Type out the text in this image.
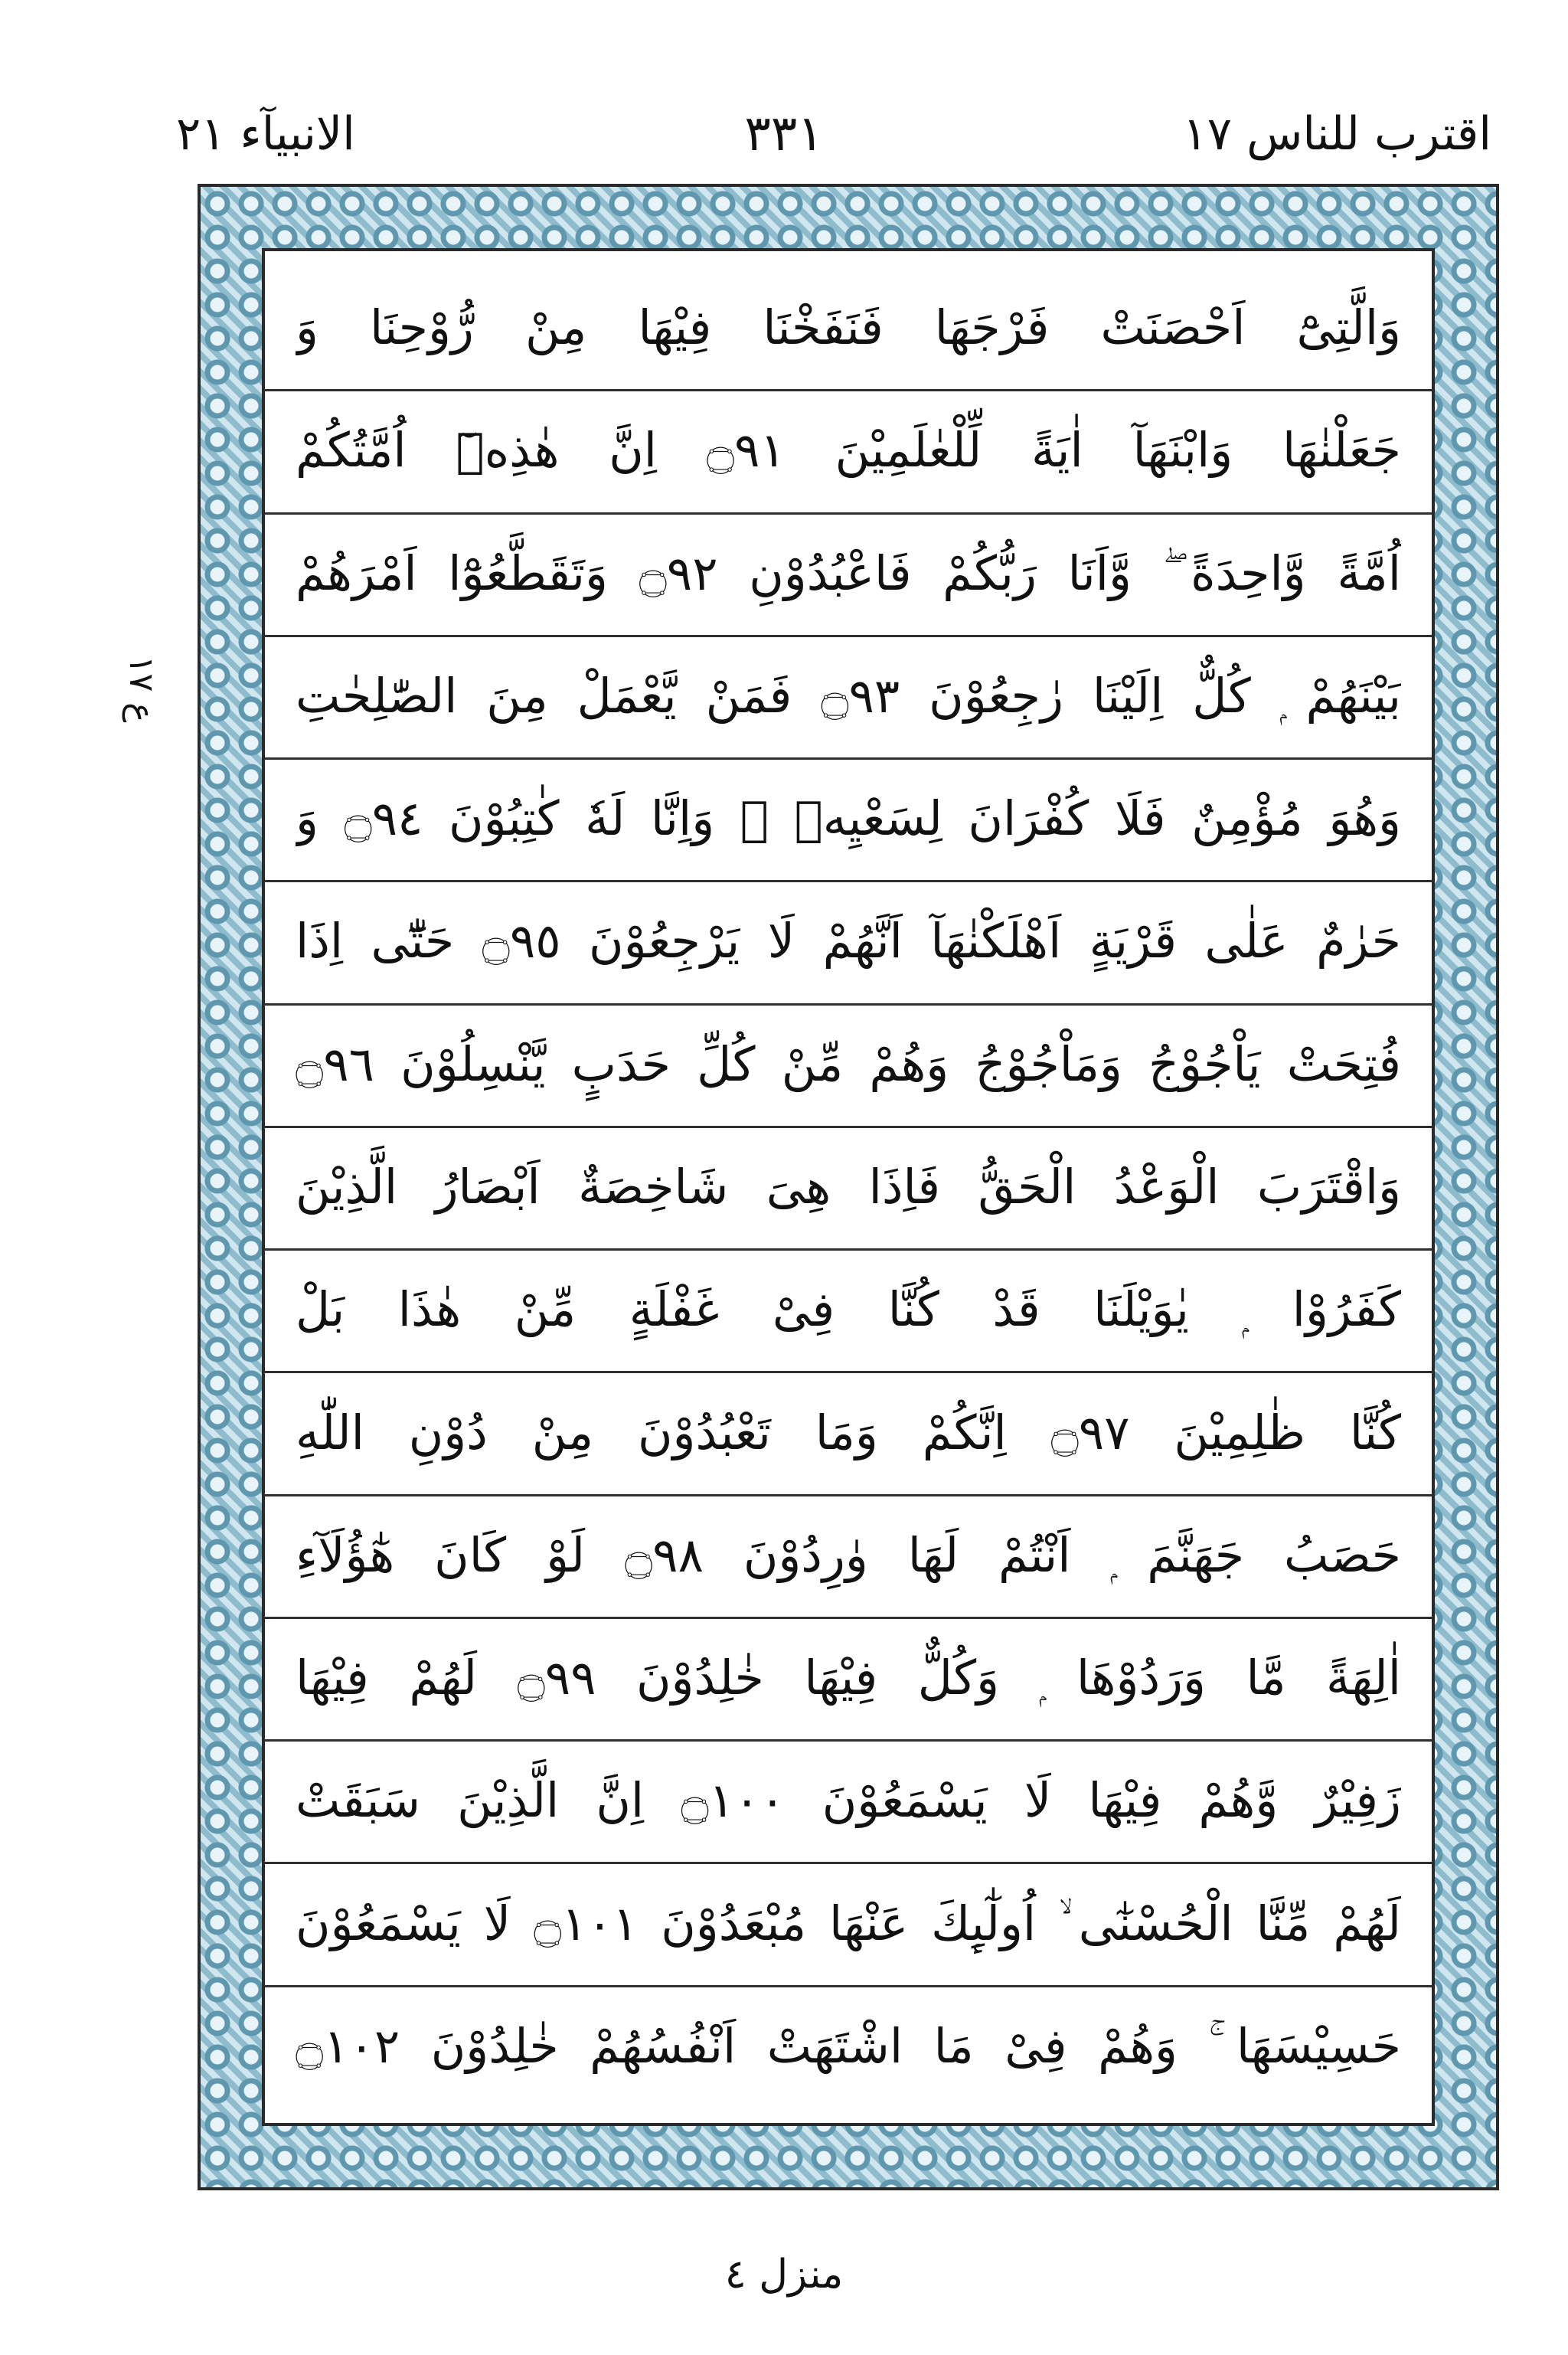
اقترب للناس ١٧
٣٣١
الانبیآء ٢١
ع ١٧
وَالَّتِیْٓ اَحْصَنَتْ فَرْجَهَا فَنَفَخْنَا فِیْهَا مِنْ رُّوْحِنَا وَ
جَعَلْنٰهَا وَابْنَهَآ اٰیَةً لِّلْعٰلَمِیْنَ ۝٩١ اِنَّ هٰذِهٖٓ اُمَّتُكُمْ
اُمَّةً وَّاحِدَةً ۖ وَّاَنَا رَبُّكُمْ فَاعْبُدُوْنِ ۝٩٢ وَتَقَطَّعُوْٓا اَمْرَهُمْ
بَیْنَهُمْ ۭ كُلٌّ اِلَیْنَا رٰجِعُوْنَ ۝٩٣ فَمَنْ یَّعْمَلْ مِنَ الصّٰلِحٰتِ
وَهُوَ مُؤْمِنٌ فَلَا كُفْرَانَ لِسَعْیِهٖ ۚ وَاِنَّا لَهٗ كٰتِبُوْنَ ۝٩٤ وَ
حَرٰمٌ عَلٰى قَرْیَةٍ اَهْلَكْنٰهَآ اَنَّهُمْ لَا یَرْجِعُوْنَ ۝٩٥ حَتّٰٓى اِذَا
فُتِحَتْ یَاْجُوْجُ وَمَاْجُوْجُ وَهُمْ مِّنْ كُلِّ حَدَبٍ یَّنْسِلُوْنَ ۝٩٦
وَاقْتَرَبَ الْوَعْدُ الْحَقُّ فَاِذَا هِیَ شَاخِصَةٌ اَبْصَارُ الَّذِیْنَ
كَفَرُوْا ۭ یٰوَیْلَنَا قَدْ كُنَّا فِیْ غَفْلَةٍ مِّنْ هٰذَا بَلْ
كُنَّا ظٰلِمِیْنَ ۝٩٧ اِنَّكُمْ وَمَا تَعْبُدُوْنَ مِنْ دُوْنِ اللّٰهِ
حَصَبُ جَهَنَّمَ ۭ اَنْتُمْ لَهَا وٰرِدُوْنَ ۝٩٨ لَوْ كَانَ هٰٓؤُلَآءِ
اٰلِهَةً مَّا وَرَدُوْهَا ۭ وَكُلٌّ فِیْهَا خٰلِدُوْنَ ۝٩٩ لَهُمْ فِیْهَا
زَفِیْرٌ وَّهُمْ فِیْهَا لَا یَسْمَعُوْنَ ۝١٠٠ اِنَّ الَّذِیْنَ سَبَقَتْ
لَهُمْ مِّنَّا الْحُسْنٰٓى ۙ اُولٰٓىِٕكَ عَنْهَا مُبْعَدُوْنَ ۝١٠١ لَا یَسْمَعُوْنَ
حَسِیْسَهَا ۚ وَهُمْ فِیْ مَا اشْتَهَتْ اَنْفُسُهُمْ خٰلِدُوْنَ ۝١٠٢
منزل ٤
